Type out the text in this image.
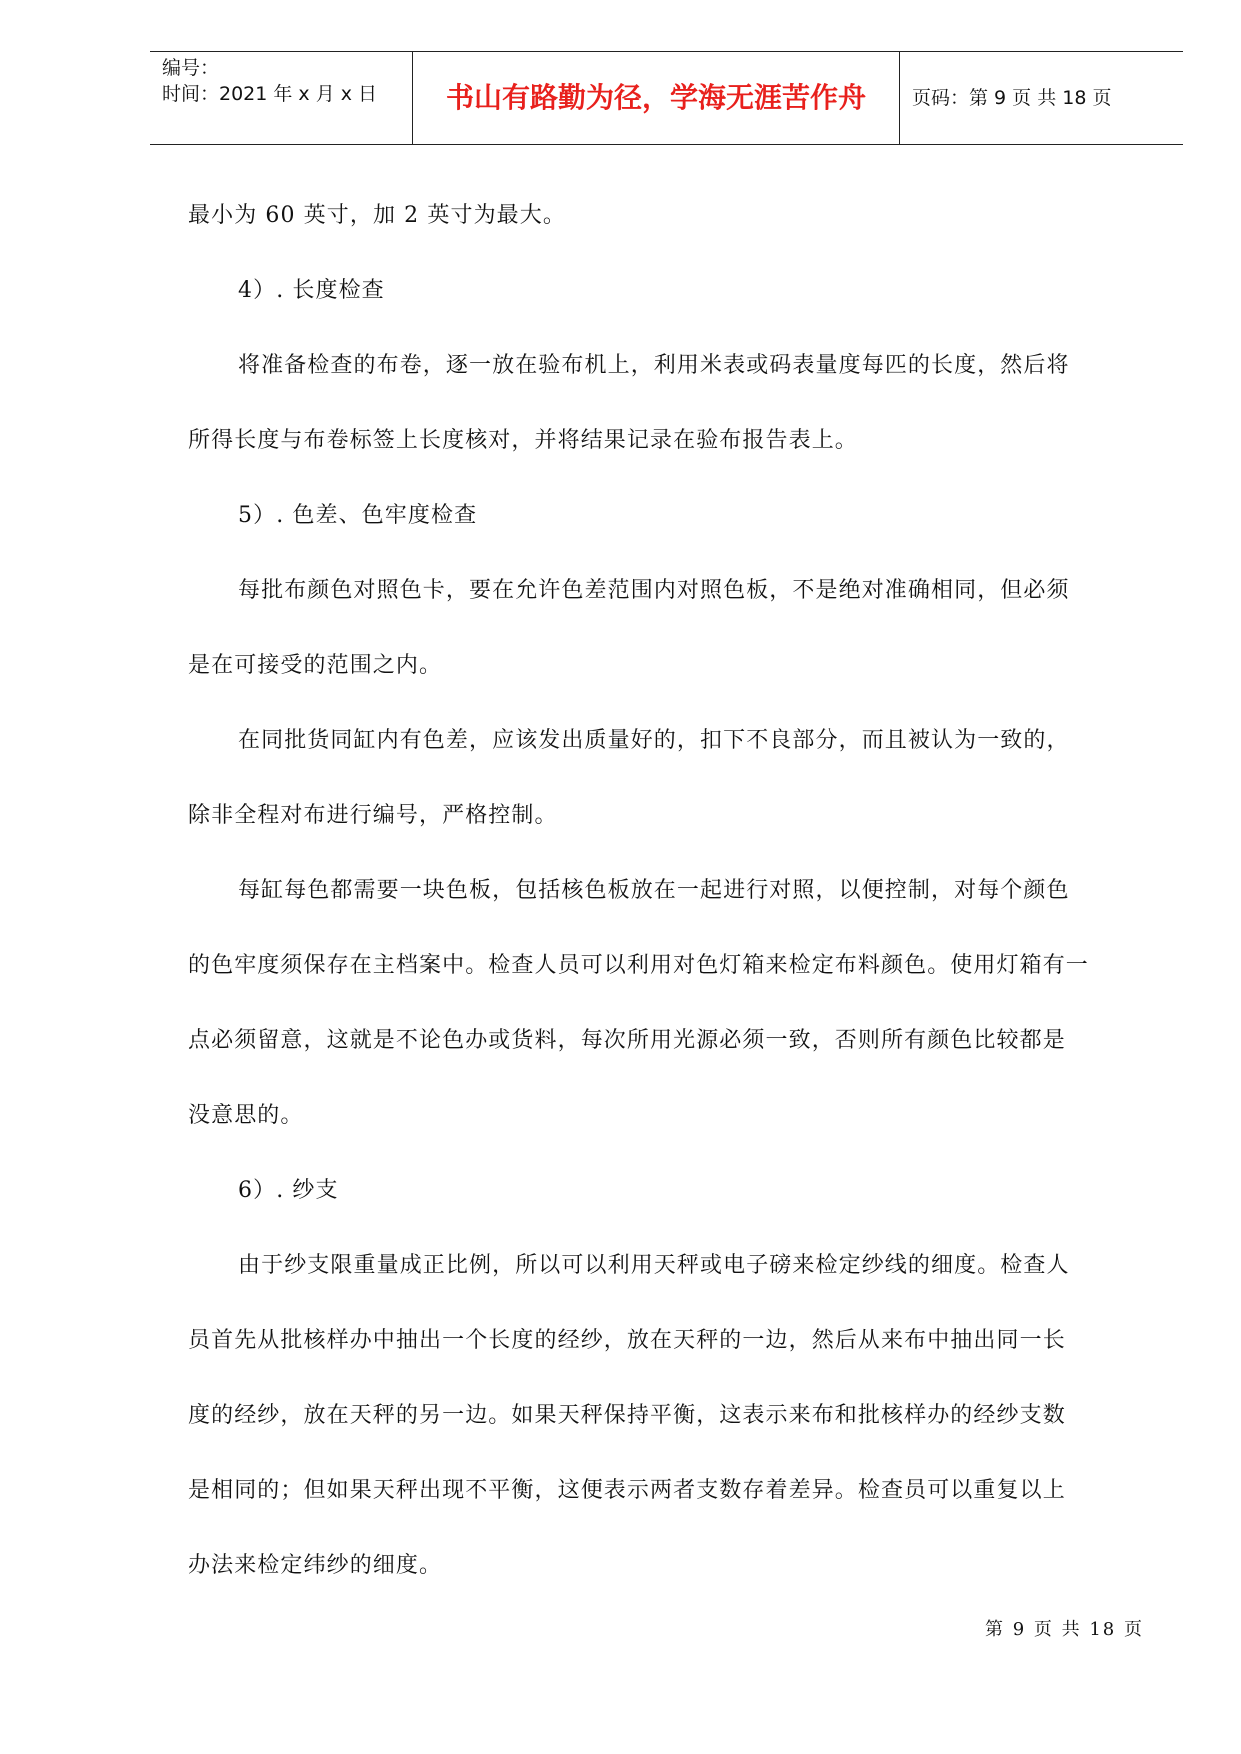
编号：
时间：2021 年 x 月 x 日	书山有路勤为径，学海无涯苦作舟	页码：第 9 页 共 18 页

最小为 60 英寸，加 2 英寸为最大。

4）. 长度检查

将准备检查的布卷，逐一放在验布机上，利用米表或码表量度每匹的长度，然后将

所得长度与布卷标签上长度核对，并将结果记录在验布报告表上。

5）. 色差、色牢度检查

每批布颜色对照色卡，要在允许色差范围内对照色板，不是绝对准确相同，但必须

是在可接受的范围之内。

在同批货同缸内有色差，应该发出质量好的，扣下不良部分，而且被认为一致的，

除非全程对布进行编号，严格控制。

每缸每色都需要一块色板，包括核色板放在一起进行对照，以便控制，对每个颜色

的色牢度须保存在主档案中。检查人员可以利用对色灯箱来检定布料颜色。使用灯箱有一

点必须留意，这就是不论色办或货料，每次所用光源必须一致，否则所有颜色比较都是

没意思的。

6）. 纱支

由于纱支限重量成正比例，所以可以利用天秤或电子磅来检定纱线的细度。检查人

员首先从批核样办中抽出一个长度的经纱，放在天秤的一边，然后从来布中抽出同一长

度的经纱，放在天秤的另一边。如果天秤保持平衡，这表示来布和批核样办的经纱支数

是相同的；但如果天秤出现不平衡，这便表示两者支数存着差异。检查员可以重复以上

办法来检定纬纱的细度。

第 9 页 共 18 页
